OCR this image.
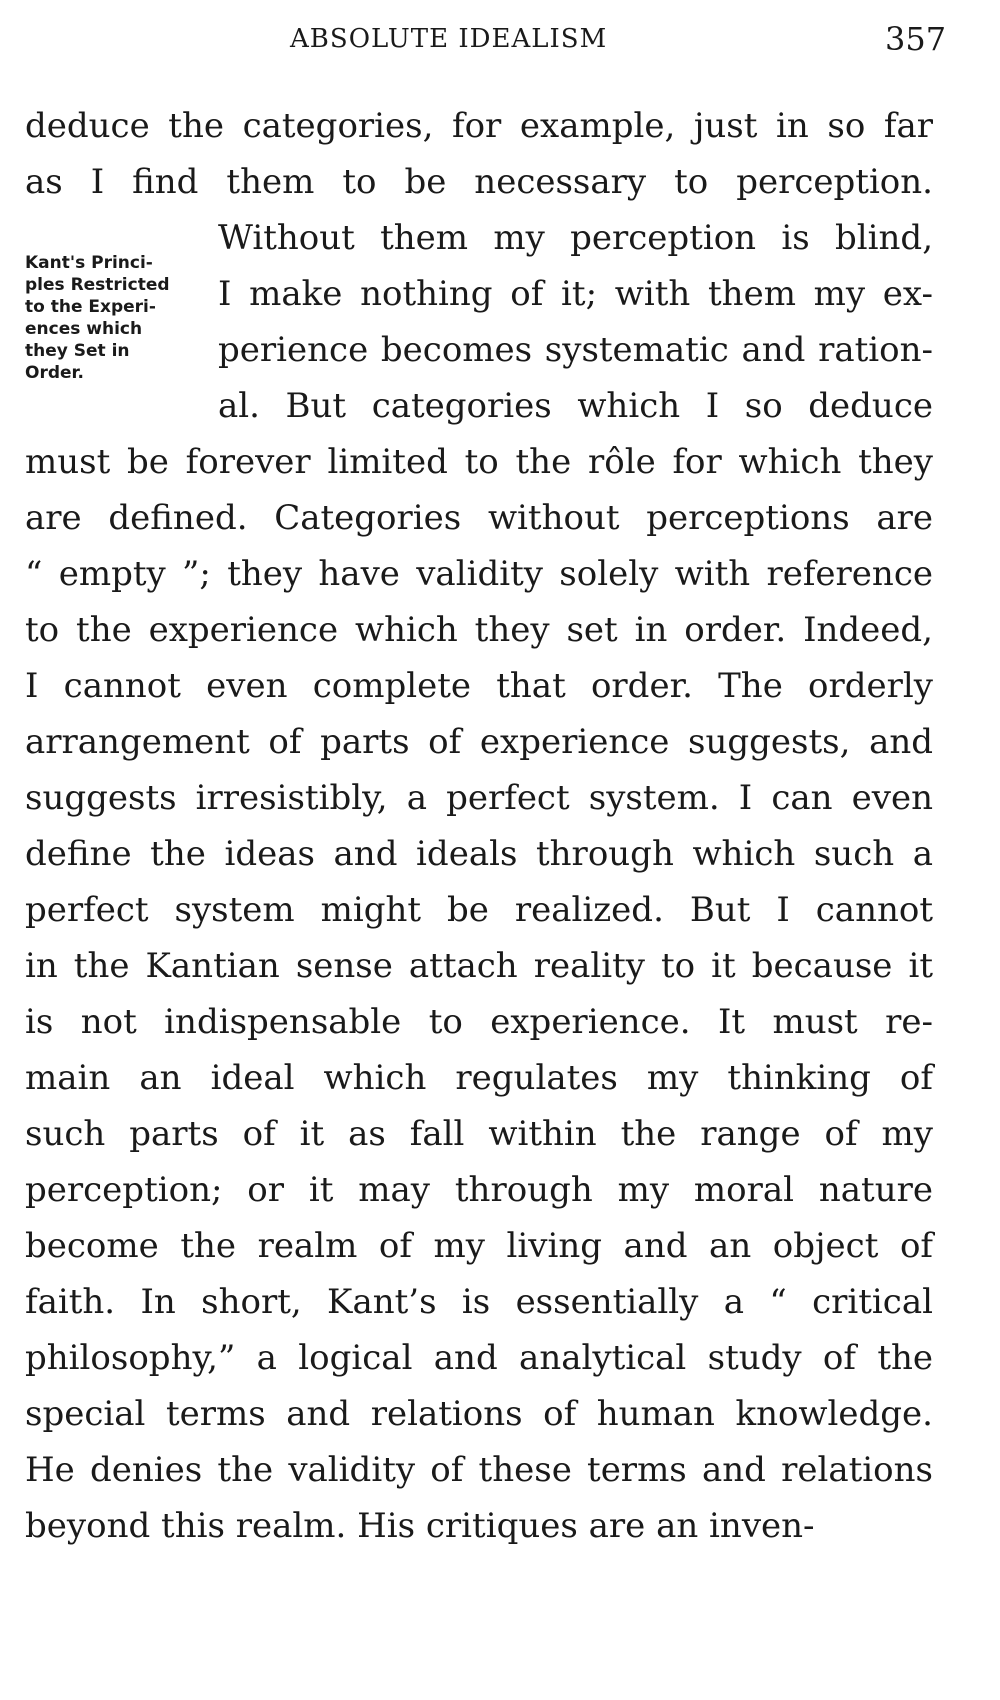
ABSOLUTE IDEALISM	357
Kant's Princi-
ples Restricted
to the Experi-
ences which
they Set in
Order.
deduce the categories, for example, just in so far
as I find them to be necessary to perception.
Without them my perception is blind,
I make nothing of it; with them my ex-
perience becomes systematic and ration-
al. But categories which I so deduce
must be forever limited to the rôle for which they
are defined. Categories without perceptions are
“ empty ”; they have validity solely with reference
to the experience which they set in order. Indeed,
I cannot even complete that order. The orderly
arrangement of parts of experience suggests, and
suggests irresistibly, a perfect system. I can even
define the ideas and ideals through which such a
perfect system might be realized. But I cannot
in the Kantian sense attach reality to it because it
is not indispensable to experience. It must re-
main an ideal which regulates my thinking of
such parts of it as fall within the range of my
perception; or it may through my moral nature
become the realm of my living and an object of
faith. In short, Kant’s is essentially a “ critical
philosophy,” a logical and analytical study of the
special terms and relations of human knowledge.
He denies the validity of these terms and relations
beyond this realm. His critiques are an inven-
